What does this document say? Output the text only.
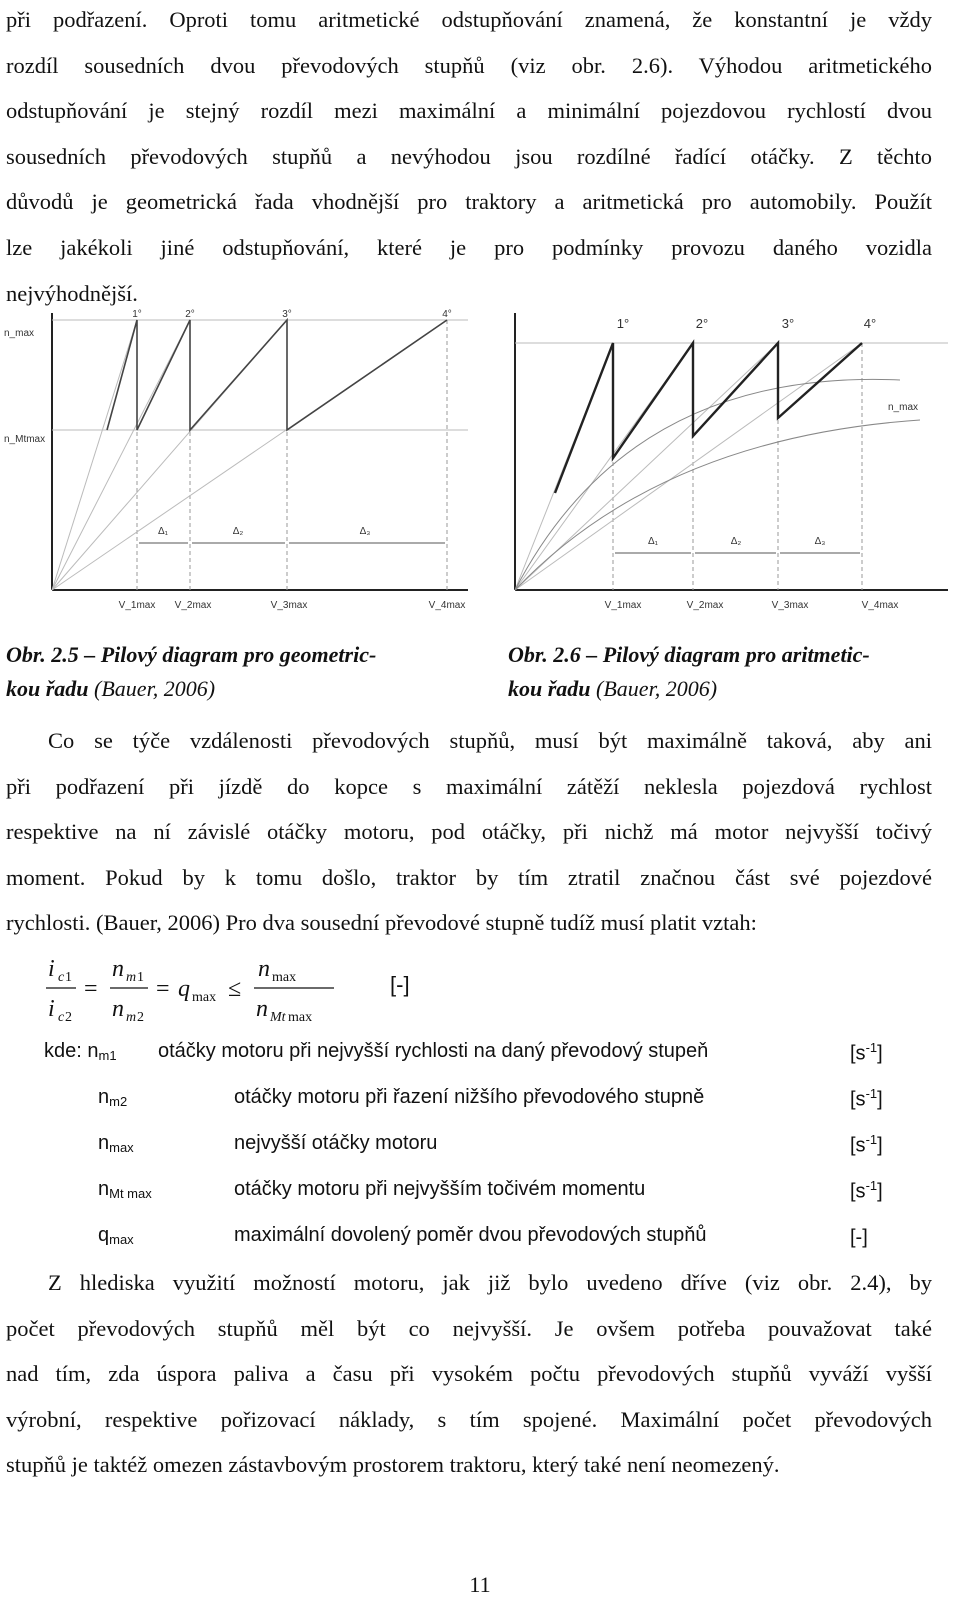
při podřazení. Oproti tomu aritmetické odstupňování znamená, že konstantní je vždy
rozdíl sousedních dvou převodových stupňů (viz obr. 2.6). Výhodou aritmetického
odstupňování je stejný rozdíl mezi maximální a minimální pojezdovou rychlostí dvou
sousedních převodových stupňů a nevýhodou jsou rozdílné řadící otáčky. Z těchto
důvodů je geometrická řada vhodnější pro traktory a aritmetická pro automobily. Použít
lze jakékoli jiné odstupňování, které je pro podmínky provozu daného vozidla
nejvýhodnější.
1°	2°	3°	4°
n_max
n_Mtmax
Δ₁	Δ₂	Δ₃
V_1max V_2max	V_3max	V_4max
1°	2°	3°	4°
n_max
Δ₁	Δ₂	Δ₃
V_1max	V_2max	V_3max	V_4max
Obr. 2.5 – Pilový diagram pro geometric-
kou řadu (Bauer, 2006)
Obr. 2.6 – Pilový diagram pro aritmetic-
kou řadu (Bauer, 2006)
Co se týče vzdálenosti převodových stupňů, musí být maximálně taková, aby ani
při podřazení při jízdě do kopce s maximální zátěží neklesla pojezdová rychlost
respektive na ní závislé otáčky motoru, pod otáčky, při nichž má motor nejvyšší točivý
moment. Pokud by k tomu došlo, traktor by tím ztratil značnou část své pojezdové
rychlosti. (Bauer, 2006) Pro dva sousední převodové stupně tudíž musí platit vztah:
i c 1
i c 2
=
n m 1
n m 2
= q max ≤
n max
n Mt max
[-]
kde: $n_{m1}$ otáčky motoru při nejvyšší rychlosti na daný převodový stupeň	$[s^{-1}]$
$n_{m2}$	otáčky motoru při řazení nižšího převodového stupně	$[s^{-1}]$
$n_{max}$	nejvyšší otáčky motoru	$[s^{-1}]$
$n_{Mt max}$	otáčky motoru při nejvyšším točivém momentu	$[s^{-1}]$
$q_{max}$	maximální dovolený poměr dvou převodových stupňů	[-]
Z hlediska využití možností motoru, jak již bylo uvedeno dříve (viz obr. 2.4), by
počet převodových stupňů měl být co nejvyšší. Je ovšem potřeba pouvažovat také
nad tím, zda úspora paliva a času při vysokém počtu převodových stupňů vyváží vyšší
výrobní, respektive pořizovací náklady, s tím spojené. Maximální počet převodových
stupňů je taktéž omezen zástavbovým prostorem traktoru, který také není neomezený.
11
